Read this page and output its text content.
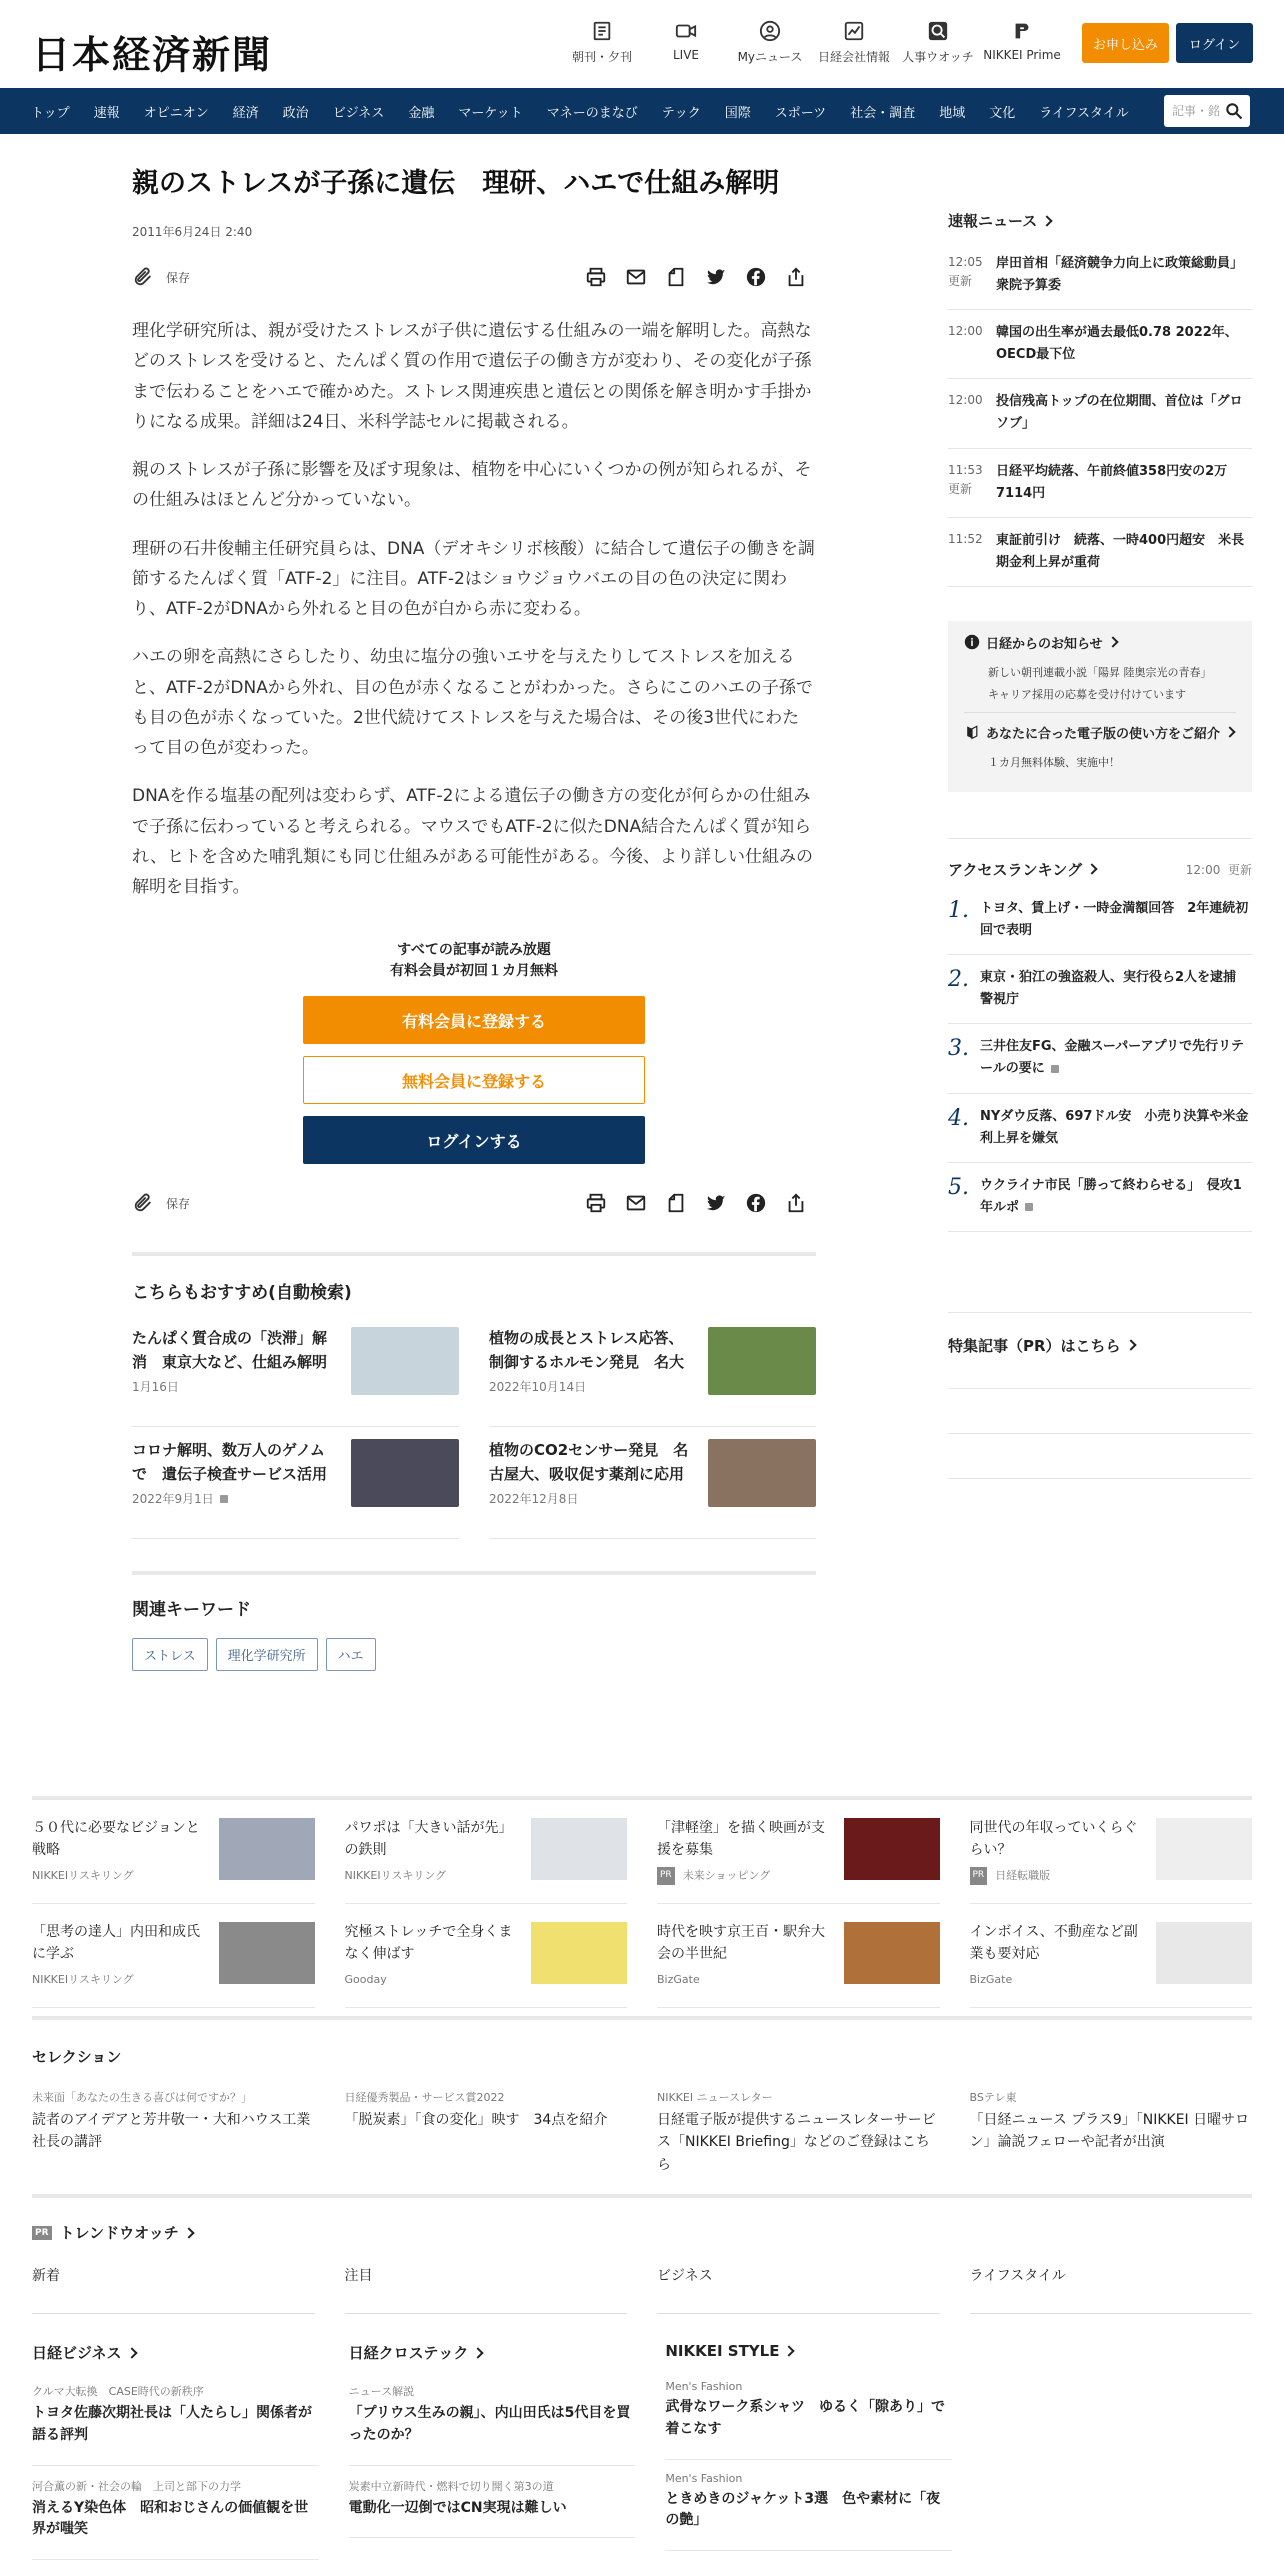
日本経済新聞	朝刊・夕刊	LIVE	Myニュース	日経会社情報	人事ウオッチ NIKKEI Prime
お申し込み	ログイン
トップ	速報	オピニオン	経済	政治	ビジネス	金融	マーケット	マネーのまなび	テック	国際	スポーツ	社会・調査	地域	文化	ライフスタイル	記事・銘
親のストレスが子孫に遺伝　理研、ハエで仕組み解明
2011年6月24日 2:40
保存

理化学研究所は、親が受けたストレスが子供に遺伝する仕組みの一端を解明した。高熱などのストレスを受けると、たんぱく質の作用で遺伝子の働き方が変わり、その変化が子孫まで伝わることをハエで確かめた。ストレス関連疾患と遺伝との関係を解き明かす手掛かりになる成果。詳細は24日、米科学誌セルに掲載される。

親のストレスが子孫に影響を及ぼす現象は、植物を中心にいくつかの例が知られるが、その仕組みはほとんど分かっていない。

理研の石井俊輔主任研究員らは、DNA（デオキシリボ核酸）に結合して遺伝子の働きを調節するたんぱく質「ATF-2」に注目。ATF-2はショウジョウバエの目の色の決定に関わり、ATF-2がDNAから外れると目の色が白から赤に変わる。

ハエの卵を高熱にさらしたり、幼虫に塩分の強いエサを与えたりしてストレスを加えると、ATF-2がDNAから外れ、目の色が赤くなることがわかった。さらにこのハエの子孫でも目の色が赤くなっていた。2世代続けてストレスを与えた場合は、その後3世代にわたって目の色が変わった。

DNAを作る塩基の配列は変わらず、ATF-2による遺伝子の働き方の変化が何らかの仕組みで子孫に伝わっていると考えられる。マウスでもATF-2に似たDNA結合たんぱく質が知られ、ヒトを含めた哺乳類にも同じ仕組みがある可能性がある。今後、より詳しい仕組みの解明を目指す。

すべての記事が読み放題
有料会員が初回１カ月無料
有料会員に登録する
無料会員に登録する
ログインする
保存
こちらもおすすめ(自動検索)
たんぱく質合成の「渋滞」解消　東京大など、仕組み解明
1月16日
植物の成長とストレス応答、制御するホルモン発見　名大
2022年10月14日
コロナ解明、数万人のゲノムで　遺伝子検査サービス活用
2022年9月1日
植物のCO2センサー発見　名古屋大、吸収促す薬剤に応用
2022年12月8日
関連キーワード
ストレス	理化学研究所	ハエ
速報ニュース
12:05
更新
岸田首相「経済競争力向上に政策総動員」　衆院予算委
12:00	韓国の出生率が過去最低0.78 2022年、OECD最下位
12:00	投信残高トップの在位期間、首位は「グロソブ」
11:53
更新
日経平均続落、午前終値358円安の2万7114円
11:52	東証前引け　続落、一時400円超安　米長期金利上昇が重荷
日経からのお知らせ
新しい朝刊連載小説「陽昇 陸奥宗光の青春」
キャリア採用の応募を受け付けています
あなたに合った電子版の使い方をご紹介
１カ月無料体験、実施中！
アクセスランキング	12:00 更新
1. トヨタ、賃上げ・一時金満額回答　2年連続初回で表明
2. 東京・狛江の強盗殺人、実行役ら2人を逮捕　警視庁
3. 三井住友FG、金融スーパーアプリで先行リテールの要に
4. NYダウ反落、697ドル安　小売り決算や米金利上昇を嫌気
5. ウクライナ市民「勝って終わらせる」　侵攻1年ルポ
特集記事（PR）はこちら
５０代に必要なビジョンと戦略
NIKKEIリスキリング
パワポは「大きい話が先」の鉄則
NIKKEIリスキリング
「津軽塗」を描く映画が支援を募集
PR 未来ショッピング
同世代の年収っていくらぐらい？
PR 日経転職版
「思考の達人」内田和成氏に学ぶ
NIKKEIリスキリング
究極ストレッチで全身くまなく伸ばす
Gooday
時代を映す京王百・駅弁大会の半世紀
BizGate
インボイス、不動産など副業も要対応
BizGate
セレクション
未来面「あなたの生きる喜びは何ですか？」
読者のアイデアと芳井敬一・大和ハウス工業社長の講評
日経優秀製品・サービス賞2022
「脱炭素」「食の変化」映す　34点を紹介
NIKKEI ニュースレター
日経電子版が提供するニュースレターサービス「NIKKEI Briefing」などのご登録はこちら
BSテレ東
「日経ニュース プラス9」「NIKKEI 日曜サロン」論説フェローや記者が出演
PR トレンドウオッチ
新着	注目	ビジネス	ライフスタイル
日経ビジネス
クルマ大転換　CASE時代の新秩序
トヨタ佐藤次期社長は「人たらし」関係者が語る評判
河合薫の新・社会の輪　上司と部下の力学
消えるY染色体　昭和おじさんの価値観を世界が嗤笑
日経クロステック
ニュース解説
「プリウス生みの親」、内山田氏は5代目を買ったのか？
炭素中立新時代・燃料で切り開く第3の道
電動化一辺倒ではCN実現は難しい
NIKKEI STYLE
Men's Fashion
武骨なワーク系シャツ　ゆるく「隙あり」で着こなす
Men's Fashion
ときめきのジャケット3選　色や素材に「夜の艶」
